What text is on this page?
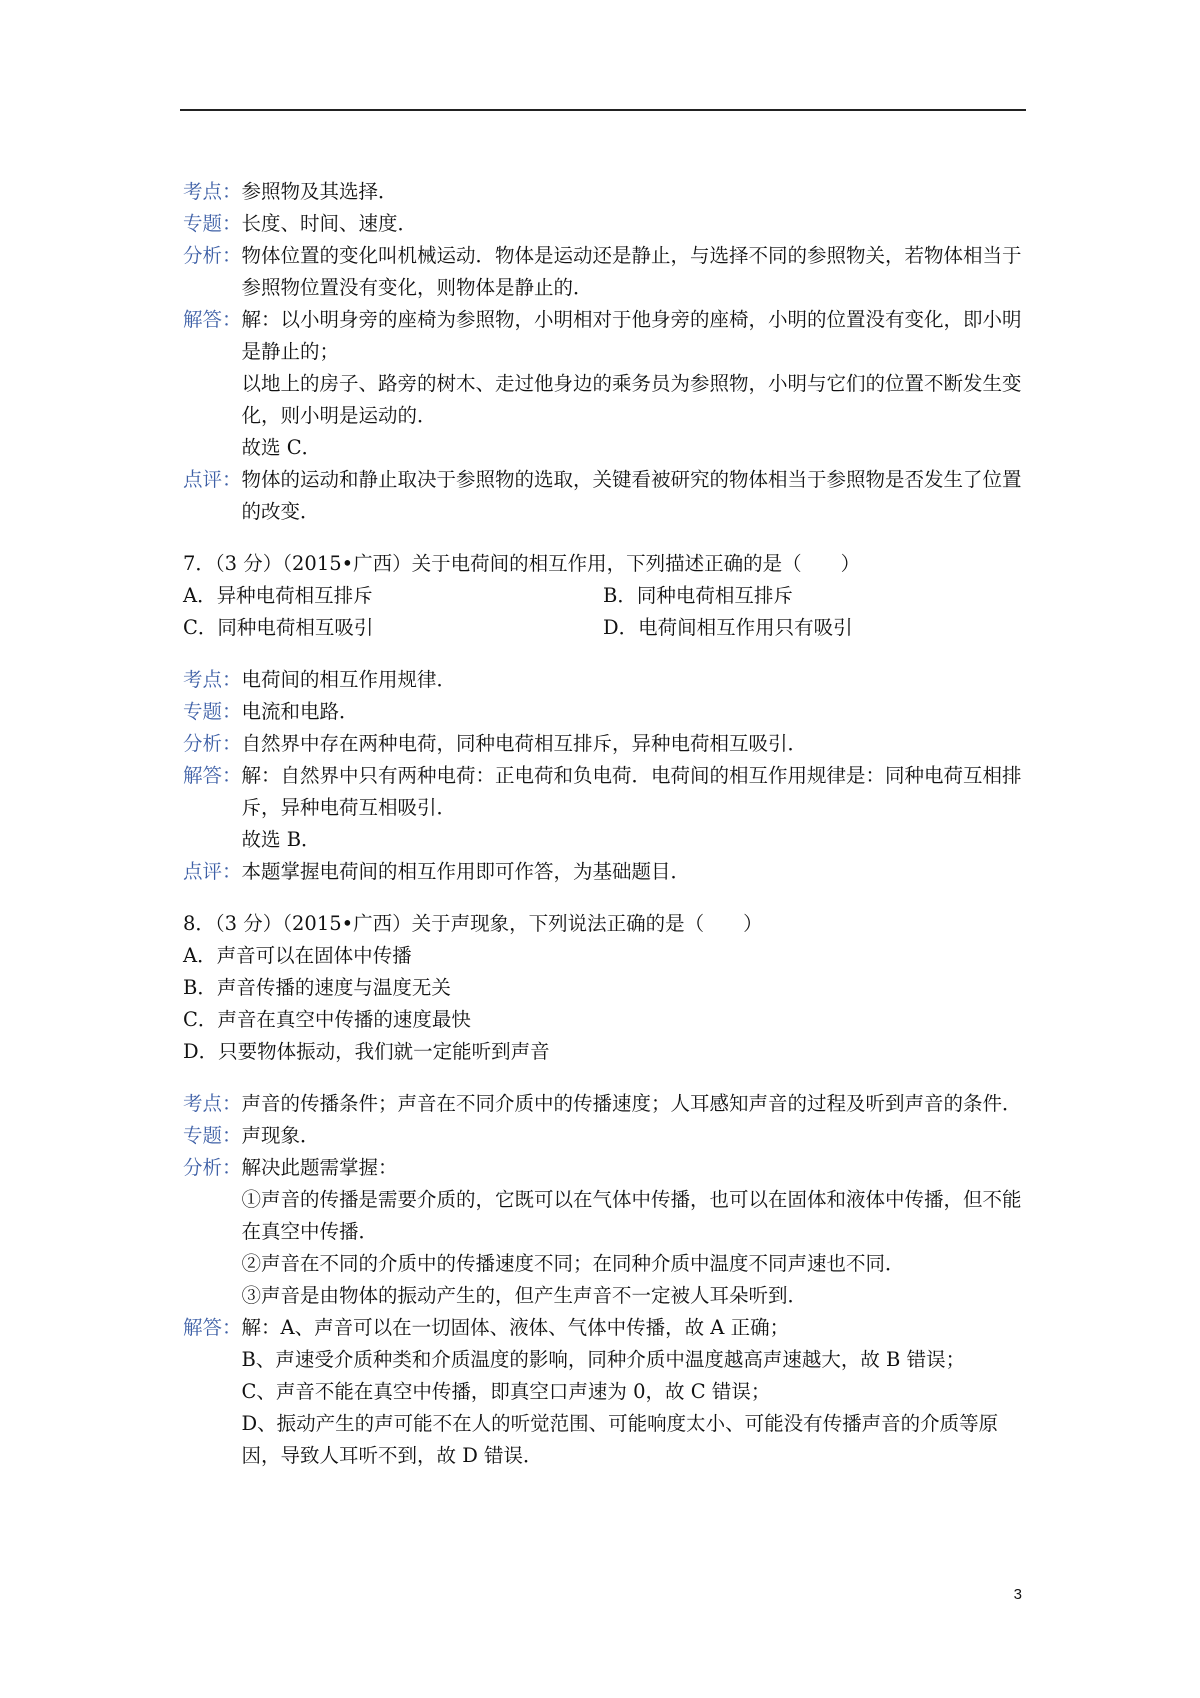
考点： 参照物及其选择．
专题： 长度、时间、速度．
分析： 物体位置的变化叫机械运动．物体是运动还是静止，与选择不同的参照物关，若物体相当于参照物位置没有变化，则物体是静止的．
解答： 解：以小明身旁的座椅为参照物，小明相对于他身旁的座椅，小明的位置没有变化，即小明是静止的；
以地上的房子、路旁的树木、走过他身边的乘务员为参照物，小明与它们的位置不断发生变化，则小明是运动的．
故选 C．
点评： 物体的运动和静止取决于参照物的选取，关键看被研究的物体相当于参照物是否发生了位置的改变．
7．（3 分）（2015•广西）关于电荷间的相互作用，下列描述正确的是（　　）
A．异种电荷相互排斥	B．同种电荷相互排斥
C．同种电荷相互吸引	D．电荷间相互作用只有吸引
考点： 电荷间的相互作用规律．
专题： 电流和电路．
分析： 自然界中存在两种电荷，同种电荷相互排斥，异种电荷相互吸引．
解答： 解：自然界中只有两种电荷：正电荷和负电荷．电荷间的相互作用规律是：同种电荷互相排斥，异种电荷互相吸引．
故选 B．
点评： 本题掌握电荷间的相互作用即可作答，为基础题目．
8．（3 分）（2015•广西）关于声现象，下列说法正确的是（　　）
A．声音可以在固体中传播
B．声音传播的速度与温度无关
C．声音在真空中传播的速度最快
D．只要物体振动，我们就一定能听到声音
考点： 声音的传播条件；声音在不同介质中的传播速度；人耳感知声音的过程及听到声音的条件．
专题： 声现象．
分析： 解决此题需掌握：
①声音的传播是需要介质的，它既可以在气体中传播，也可以在固体和液体中传播，但不能在真空中传播．
②声音在不同的介质中的传播速度不同；在同种介质中温度不同声速也不同．
③声音是由物体的振动产生的，但产生声音不一定被人耳朵听到．
解答： 解：A、声音可以在一切固体、液体、气体中传播，故 A 正确；
B、声速受介质种类和介质温度的影响，同种介质中温度越高声速越大，故 B 错误；
C、声音不能在真空中传播，即真空口声速为 0，故 C 错误；
D、振动产生的声可能不在人的听觉范围、可能响度太小、可能没有传播声音的介质等原因，导致人耳听不到，故 D 错误．
3
